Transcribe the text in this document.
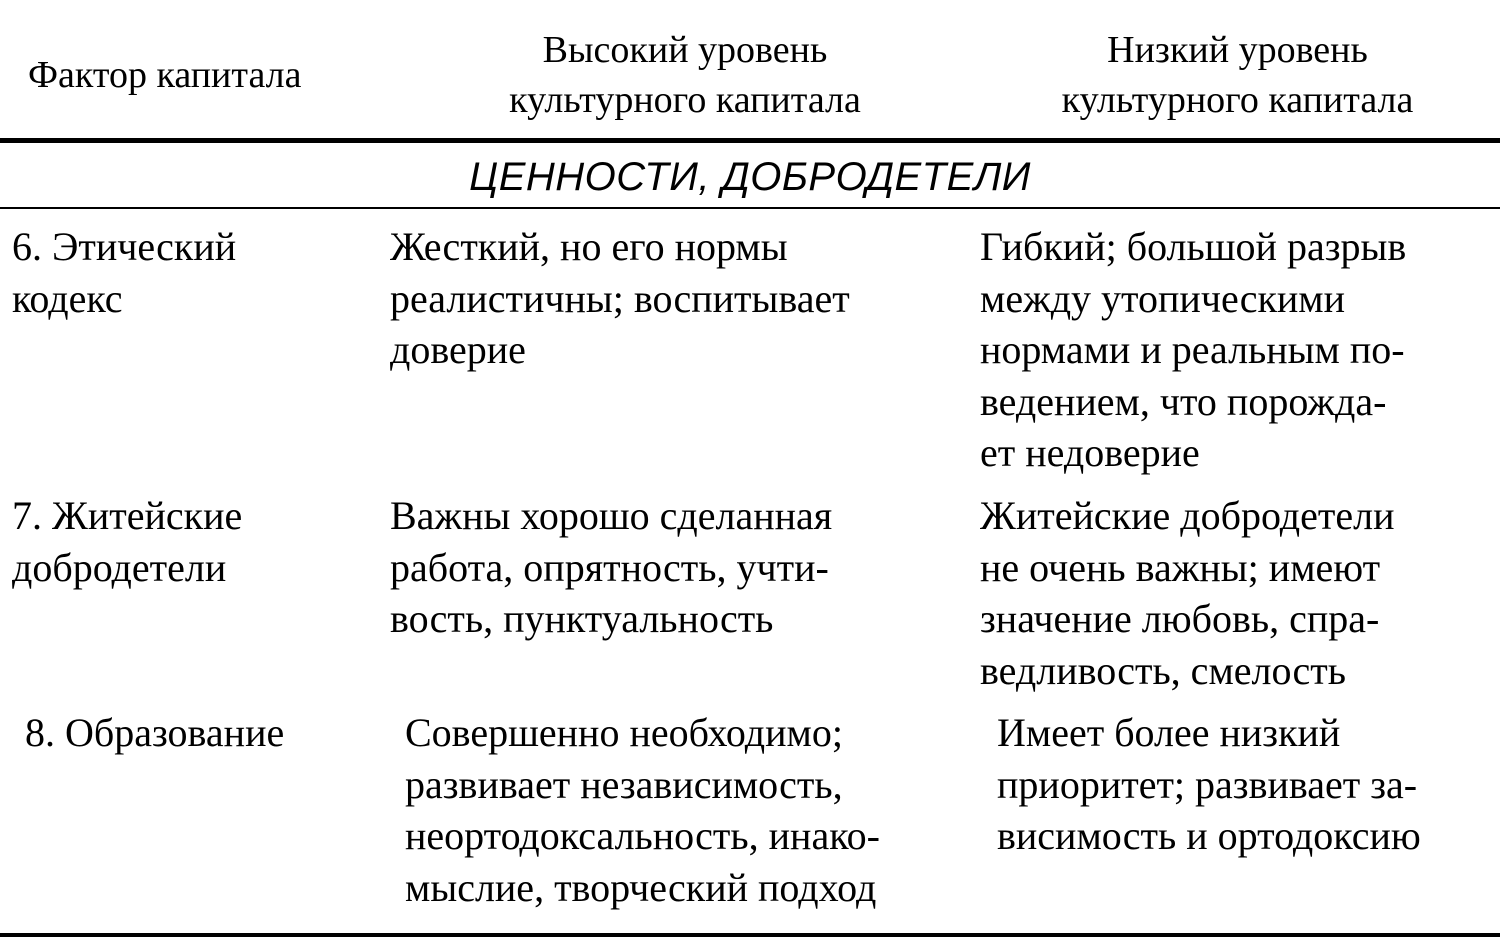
Фактор капитала
Высокий уровень
культурного капитала
Низкий уровень
культурного капитала
ЦЕННОСТИ, ДОБРОДЕТЕЛИ
6. Этический
кодекс
Жесткий, но его нормы
реалистичны; воспитывает
доверие
Гибкий; большой разрыв
между утопическими
нормами и реальным по-
ведением, что порожда-
ет недоверие
7. Житейские
добродетели
Важны хорошо сделанная
работа, опрятность, учти-
вость, пунктуальность
Житейские добродетели
не очень важны; имеют
значение любовь, спра-
ведливость, смелость
8. Образование	Совершенно необходимо;
развивает независимость,
неортодоксальность, инако-
мыслие, творческий подход
Имеет более низкий
приоритет; развивает за-
висимость и ортодоксию
